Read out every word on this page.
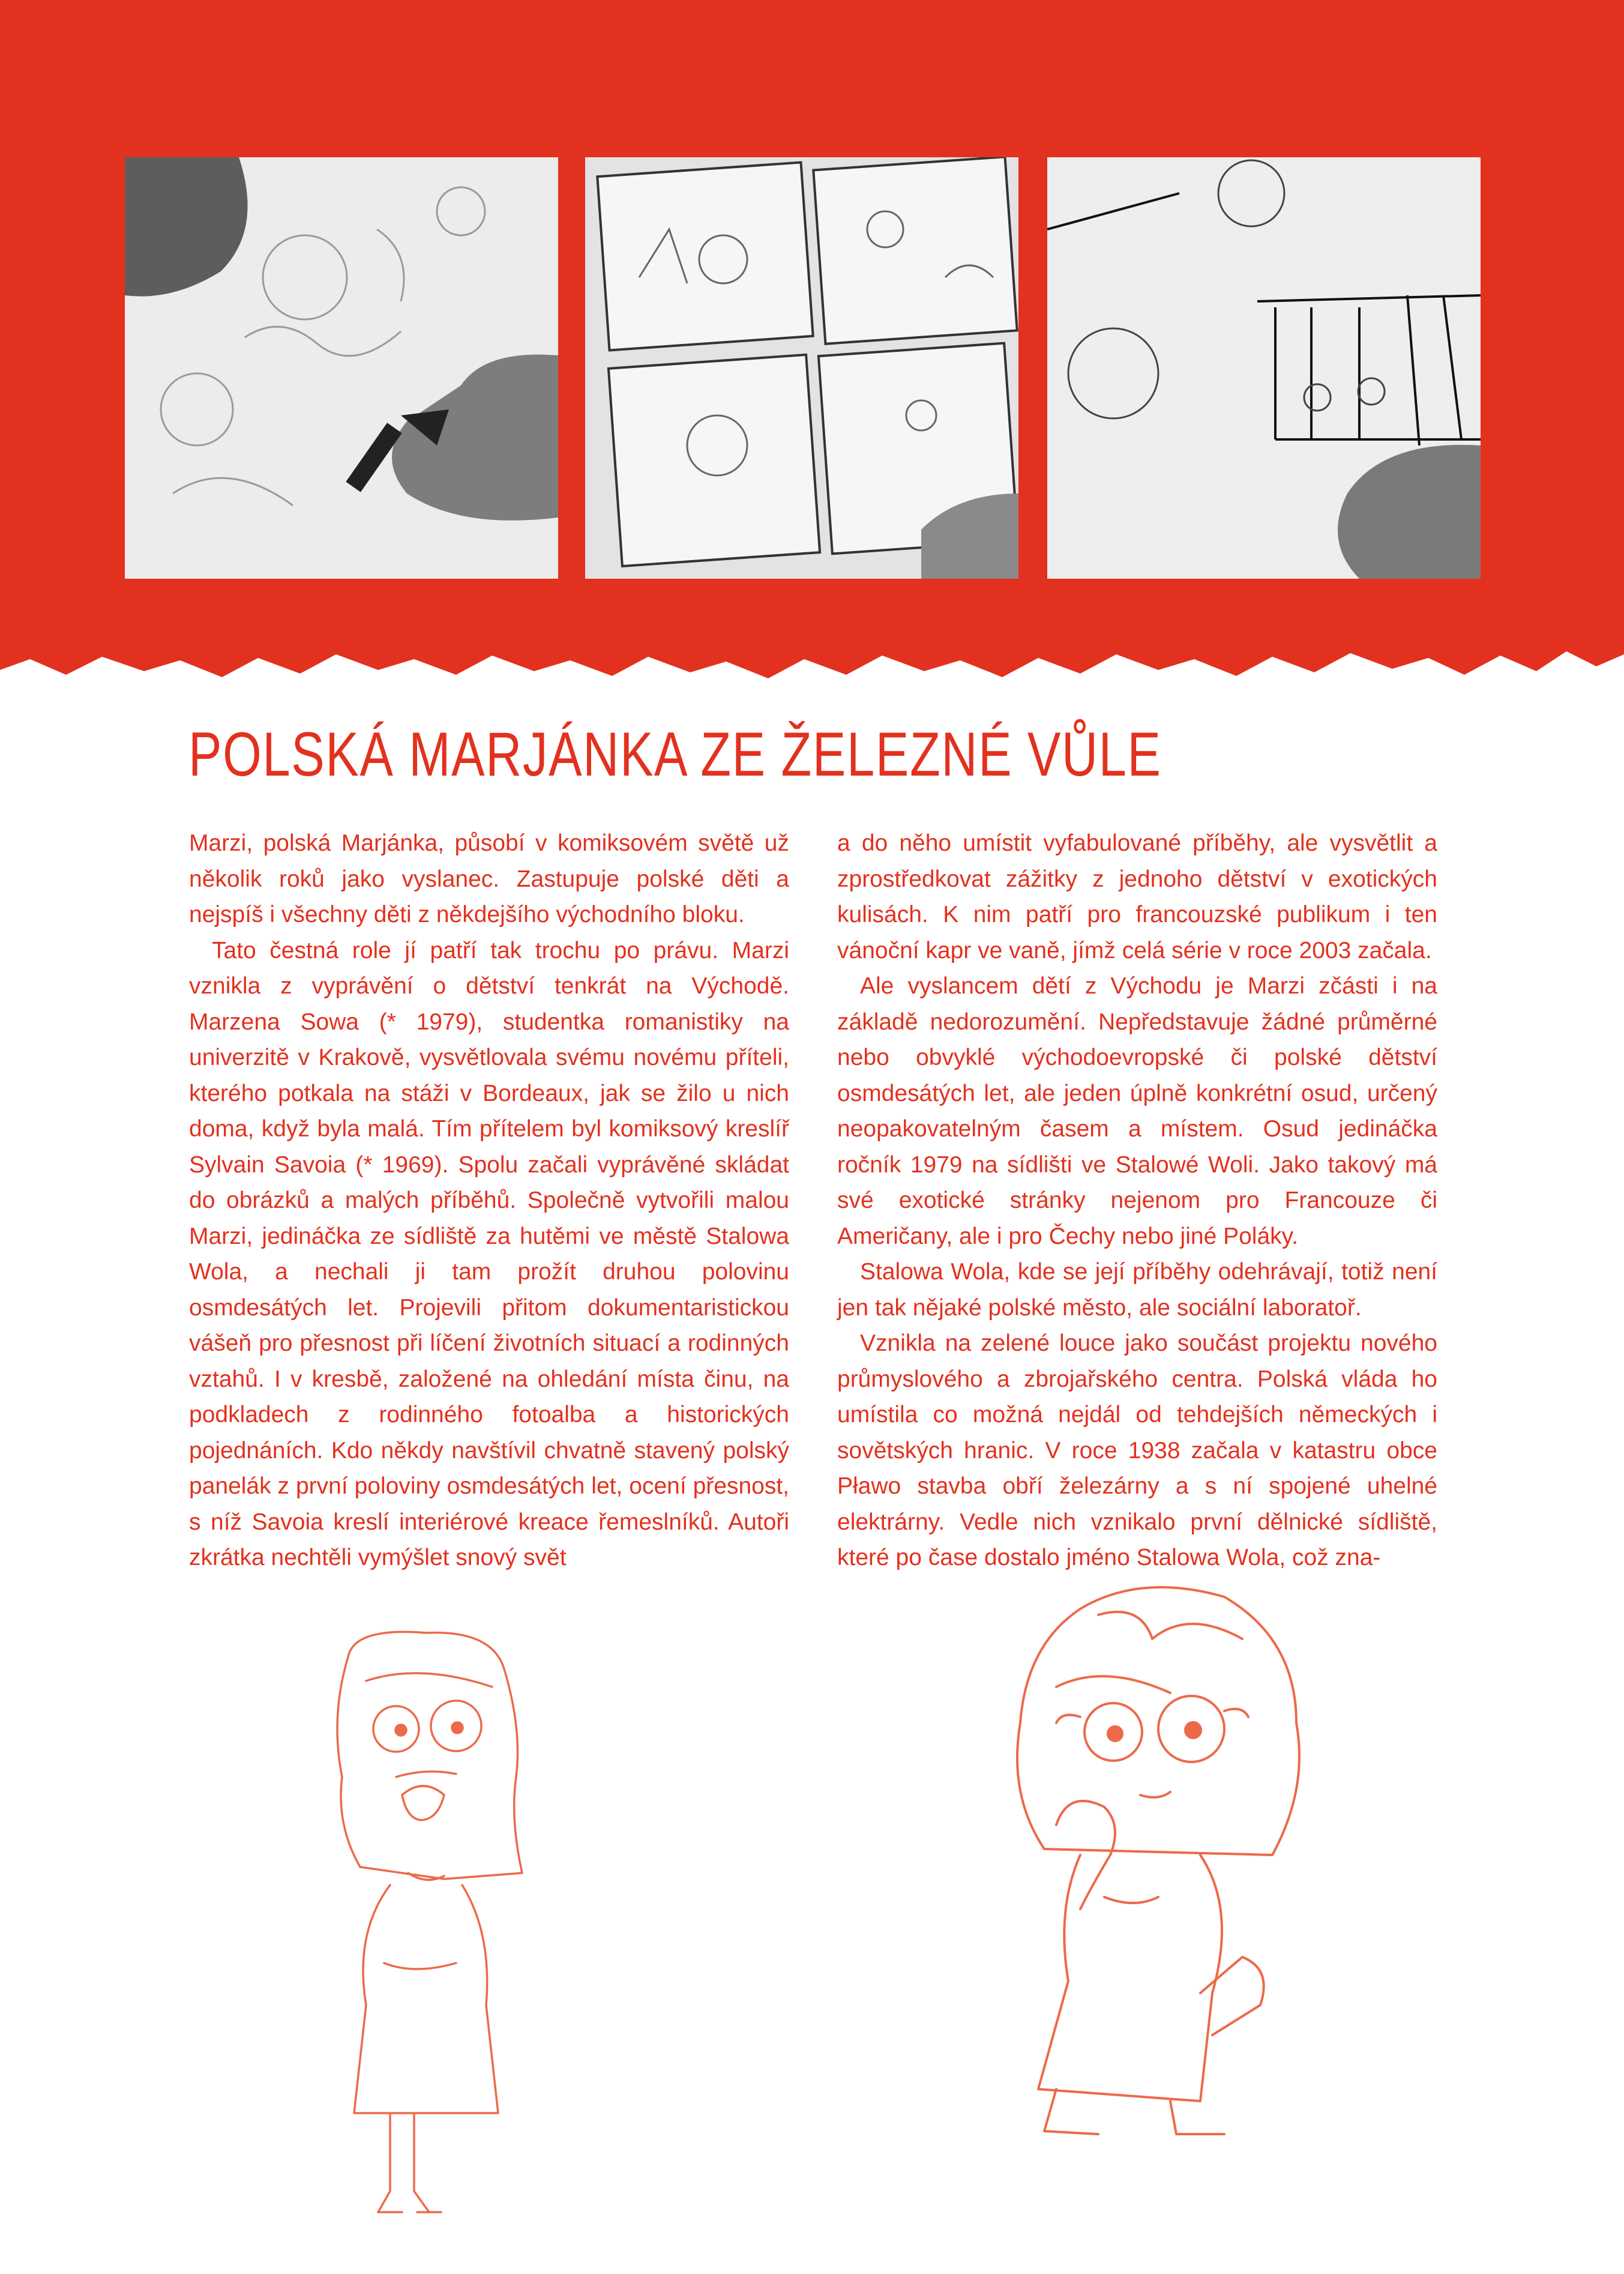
POLSKÁ MARJÁNKA ZE ŽELEZNÉ VŮLE

Marzi, polská Marjánka, působí v komiksovém světě už několik roků jako vyslanec. Zastupuje polské děti a nejspíš i všechny děti z někdejšího východního bloku.

Tato čestná role jí patří tak trochu po právu. Marzi vznikla z vyprávění o dětství tenkrát na Východě. Marzena Sowa (* 1979), studentka romanistiky na univerzitě v Krakově, vysvětlovala svému novému příteli, kterého potkala na stáži v Bordeaux, jak se žilo u nich doma, když byla malá. Tím přítelem byl komiksový kreslíř Sylvain Savoia (* 1969). Spolu začali vyprávěné skládat do obrázků a malých příběhů. Společně vytvořili malou Marzi, jedináčka ze sídliště za hutěmi ve městě Stalowa Wola, a nechali ji tam prožít druhou polovinu osmdesátých let. Projevili přitom dokumentaristickou vášeň pro přesnost při líčení životních situací a rodinných vztahů. I v kresbě, založené na ohledání místa činu, na podkladech z rodinného fotoalba a historických pojednáních. Kdo někdy navštívil chvatně stavený polský panelák z první poloviny osmdesátých let, ocení přesnost, s níž Savoia kreslí interiérové kreace řemeslníků. Autoři zkrátka nechtěli vymýšlet snový svět

a do něho umístit vyfabulované příběhy, ale vysvětlit a zprostředkovat zážitky z jednoho dětství v exotických kulisách. K nim patří pro francouzské publikum i ten vánoční kapr ve vaně, jímž celá série v roce 2003 začala.

Ale vyslancem dětí z Východu je Marzi zčásti i na základě nedorozumění. Nepředstavuje žádné průměrné nebo obvyklé východoevropské či polské dětství osmdesátých let, ale jeden úplně konkrétní osud, určený neopakovatelným časem a místem. Osud jedináčka ročník 1979 na sídlišti ve Stalowé Woli. Jako takový má své exotické stránky nejenom pro Francouze či Američany, ale i pro Čechy nebo jiné Poláky.

Stalowa Wola, kde se její příběhy odehrávají, totiž není jen tak nějaké polské město, ale sociální laboratoř.

Vznikla na zelené louce jako součást projektu nového průmyslového a zbrojařského centra. Polská vláda ho umístila co možná nejdál od tehdejších německých i sovětských hranic. V roce 1938 začala v katastru obce Pławo stavba obří železárny a s ní spojené uhelné elektrárny. Vedle nich vznikalo první dělnické sídliště, které po čase dostalo jméno Stalowa Wola, což zna-
